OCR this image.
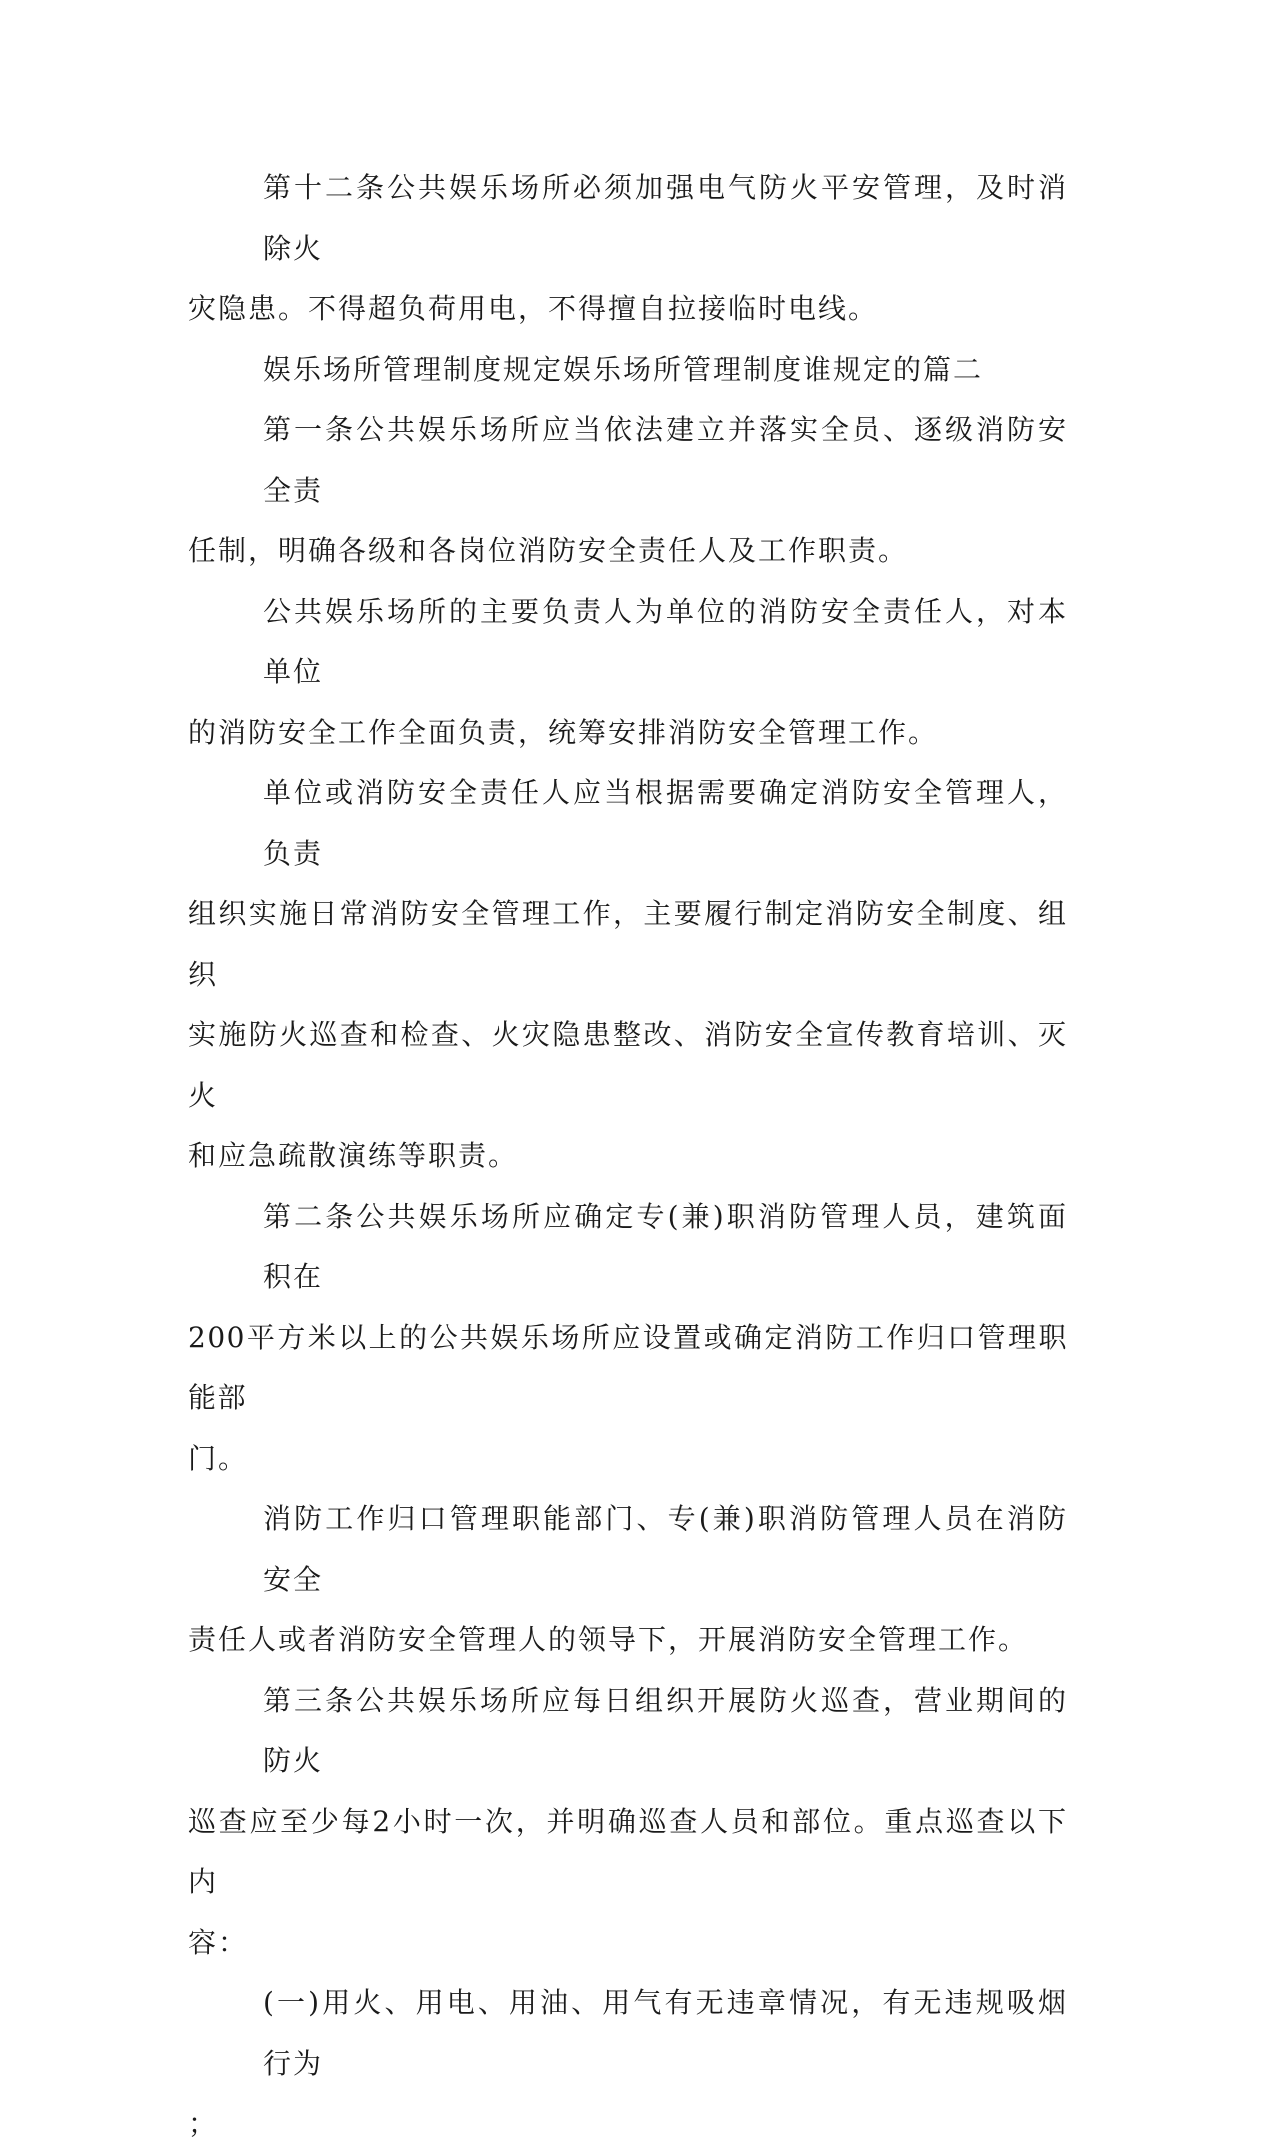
第十二条公共娱乐场所必须加强电气防火平安管理，及时消除火
灾隐患。不得超负荷用电，不得擅自拉接临时电线。

娱乐场所管理制度规定娱乐场所管理制度谁规定的篇二

第一条公共娱乐场所应当依法建立并落实全员、逐级消防安全责
任制，明确各级和各岗位消防安全责任人及工作职责。

公共娱乐场所的主要负责人为单位的消防安全责任人，对本单位
的消防安全工作全面负责，统筹安排消防安全管理工作。

单位或消防安全责任人应当根据需要确定消防安全管理人，负责
组织实施日常消防安全管理工作，主要履行制定消防安全制度、组织
实施防火巡查和检查、火灾隐患整改、消防安全宣传教育培训、灭火
和应急疏散演练等职责。

第二条公共娱乐场所应确定专(兼)职消防管理人员，建筑面积在
200平方米以上的公共娱乐场所应设置或确定消防工作归口管理职能部
门。

消防工作归口管理职能部门、专(兼)职消防管理人员在消防安全
责任人或者消防安全管理人的领导下，开展消防安全管理工作。

第三条公共娱乐场所应每日组织开展防火巡查，营业期间的防火
巡查应至少每2小时一次，并明确巡查人员和部位。重点巡查以下内
容：

(一)用火、用电、用油、用气有无违章情况，有无违规吸烟行为
；
